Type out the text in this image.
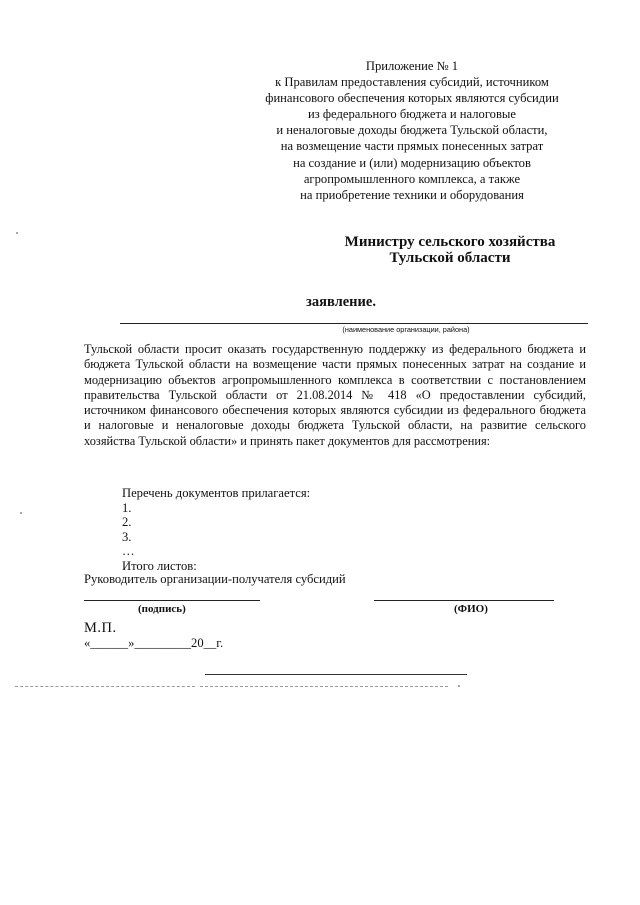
Приложение № 1
к Правилам предоставления субсидий, источником
финансового обеспечения которых являются субсидии
из федерального бюджета и налоговые
и неналоговые доходы бюджета Тульской области,
на возмещение части прямых понесенных затрат
на создание и (или) модернизацию объектов
агропромышленного комплекса, а также
на приобретение техники и оборудования
Министру сельского хозяйства
Тульской области
заявление.
(наименование организации, района)
Тульской области просит оказать государственную поддержку из федерального бюджета и бюджета Тульской области на возмещение части прямых понесенных затрат на создание и модернизацию объектов агропромышленного комплекса в соответствии с постановлением правительства Тульской области от 21.08.2014 № 418 «О предоставлении субсидий, источником финансового обеспечения которых являются субсидии из федерального бюджета и налоговые и неналоговые доходы бюджета Тульской области, на развитие сельского хозяйства Тульской области» и принять пакет документов для рассмотрения:
Перечень документов прилагается:
1.
2.
3.
…
Итого листов:
Руководитель организации-получателя субсидий
(подпись)	(ФИО)
М.П.
«______»_________20__г.
